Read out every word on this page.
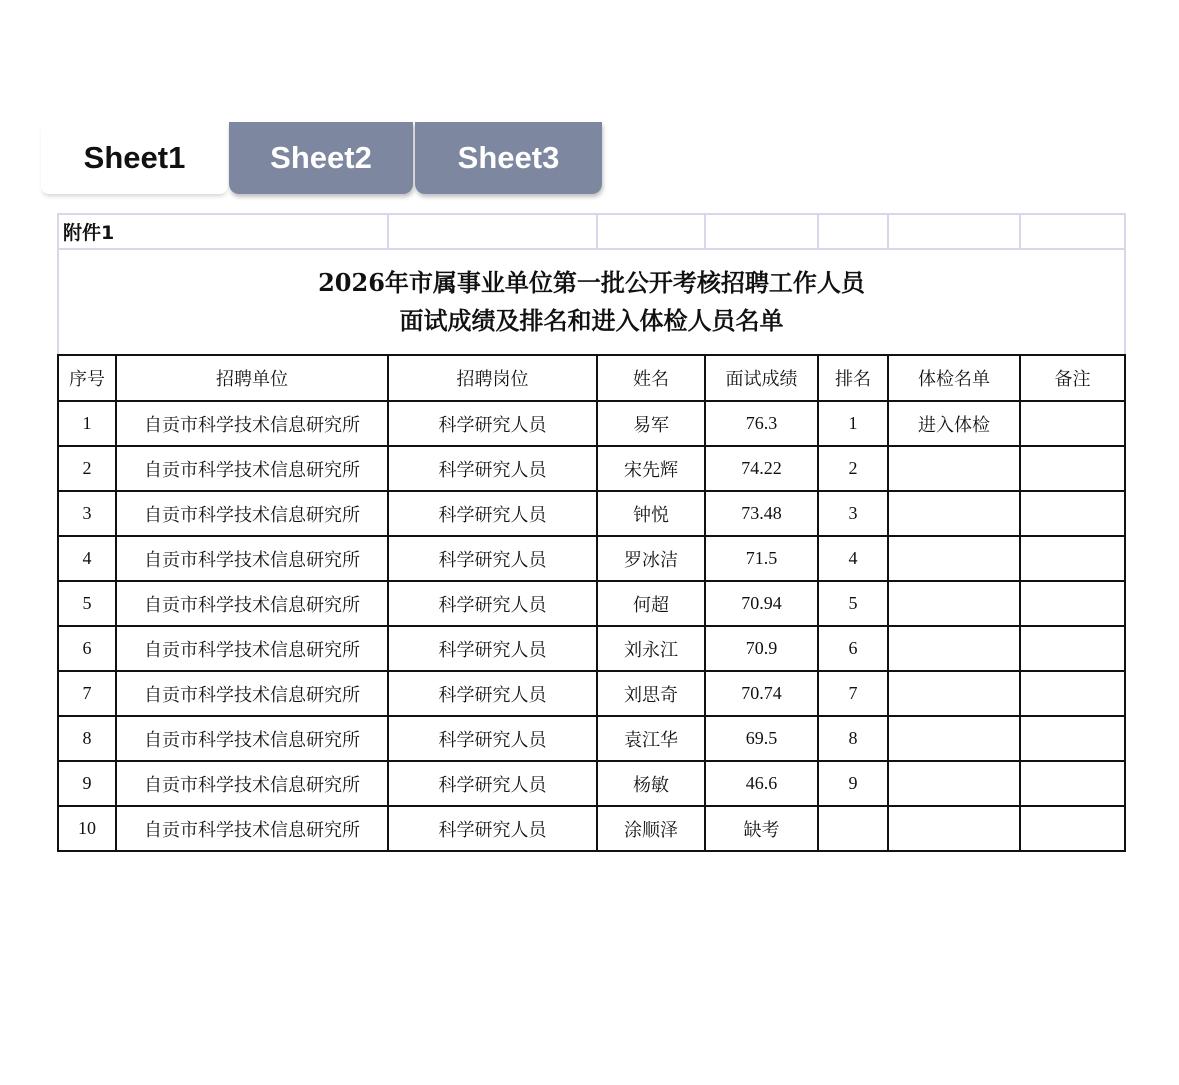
Sheet1	Sheet2	Sheet3
附件1							

2026年市属事业单位第一批公开考核招聘工作人员
面试成绩及排名和进入体检人员名单							

序号	招聘单位	招聘岗位	姓名	面试成绩	排名	体检名单	备注
1	自贡市科学技术信息研究所	科学研究人员	易军	76.3	1	进入体检	
2	自贡市科学技术信息研究所	科学研究人员	宋先辉	74.22	2		
3	自贡市科学技术信息研究所	科学研究人员	钟悦	73.48	3		
4	自贡市科学技术信息研究所	科学研究人员	罗冰洁	71.5	4		
5	自贡市科学技术信息研究所	科学研究人员	何超	70.94	5		
6	自贡市科学技术信息研究所	科学研究人员	刘永江	70.9	6		
7	自贡市科学技术信息研究所	科学研究人员	刘思奇	70.74	7		
8	自贡市科学技术信息研究所	科学研究人员	袁江华	69.5	8		
9	自贡市科学技术信息研究所	科学研究人员	杨敏	46.6	9		
10	自贡市科学技术信息研究所	科学研究人员	涂顺泽	缺考			
